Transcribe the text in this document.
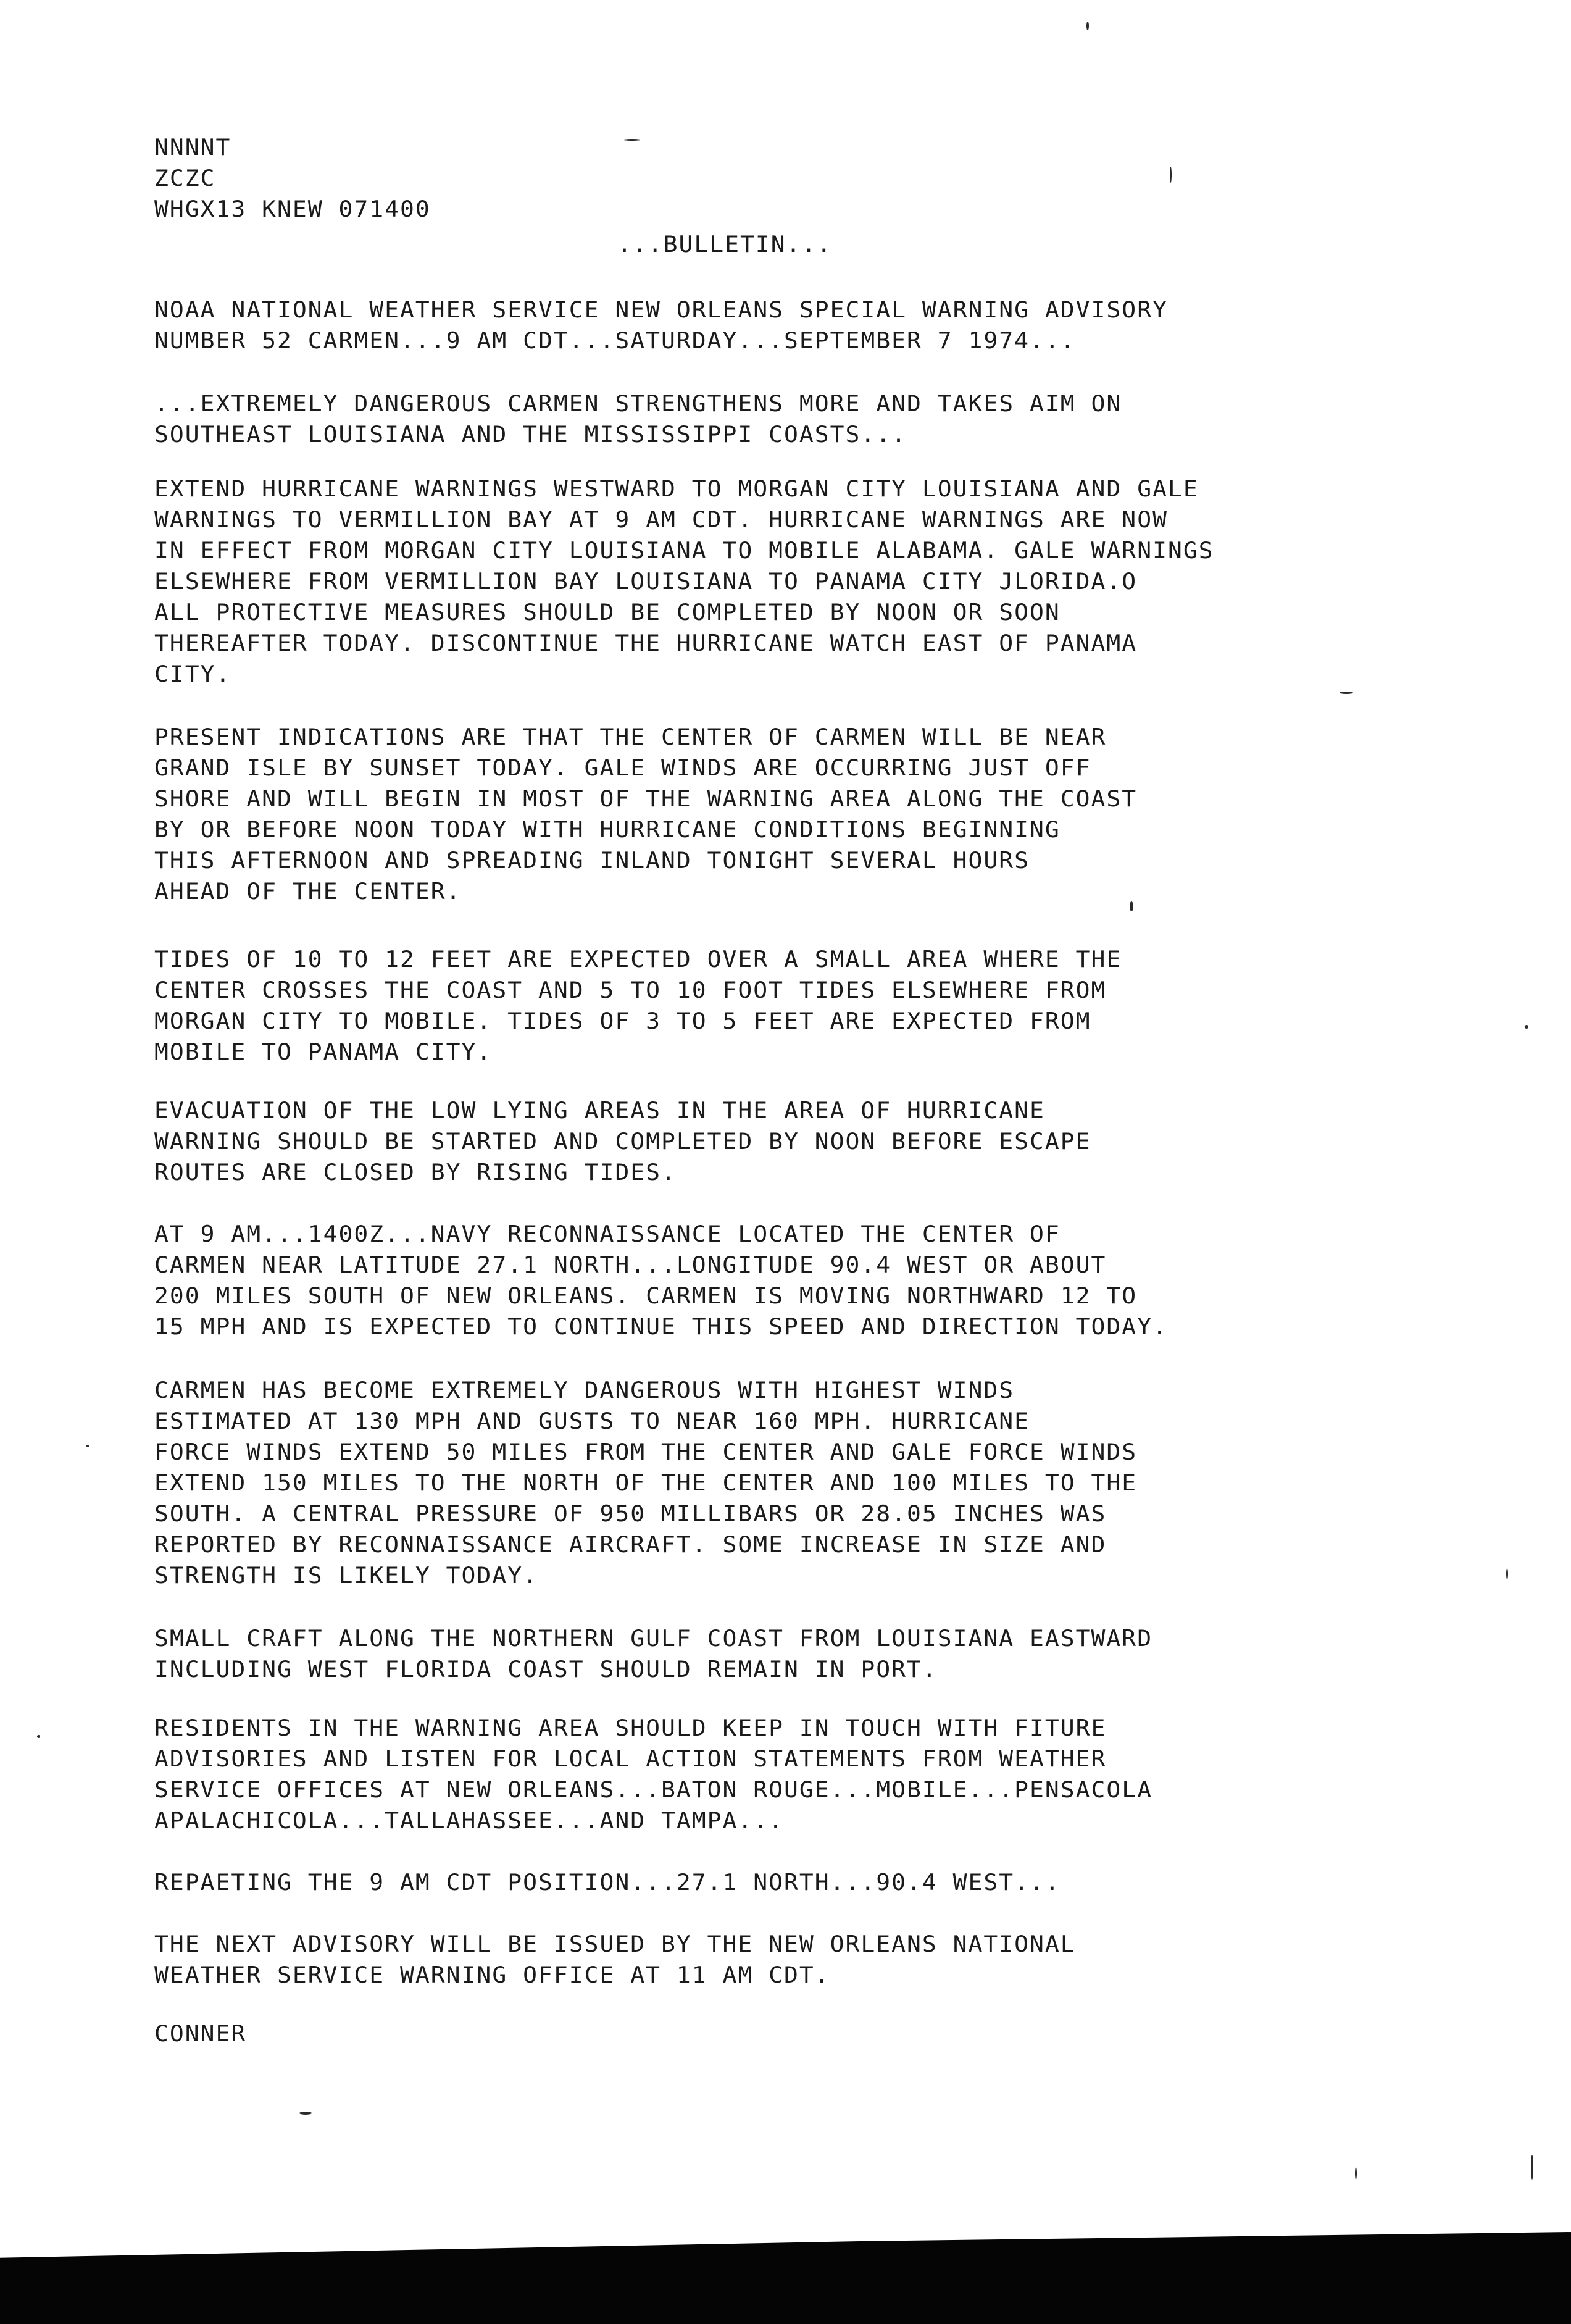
NNNNT
ZCZC
WHGX13 KNEW 071400
...BULLETIN...
NOAA NATIONAL WEATHER SERVICE NEW ORLEANS SPECIAL WARNING ADVISORY
NUMBER 52 CARMEN...9 AM CDT...SATURDAY...SEPTEMBER 7 1974...
...EXTREMELY DANGEROUS CARMEN STRENGTHENS MORE AND TAKES AIM ON
SOUTHEAST LOUISIANA AND THE MISSISSIPPI COASTS...
EXTEND HURRICANE WARNINGS WESTWARD TO MORGAN CITY LOUISIANA AND GALE
WARNINGS TO VERMILLION BAY AT 9 AM CDT. HURRICANE WARNINGS ARE NOW
IN EFFECT FROM MORGAN CITY LOUISIANA TO MOBILE ALABAMA. GALE WARNINGS
ELSEWHERE FROM VERMILLION BAY LOUISIANA TO PANAMA CITY JLORIDA.O
ALL PROTECTIVE MEASURES SHOULD BE COMPLETED BY NOON OR SOON
THEREAFTER TODAY. DISCONTINUE THE HURRICANE WATCH EAST OF PANAMA
CITY.
PRESENT INDICATIONS ARE THAT THE CENTER OF CARMEN WILL BE NEAR
GRAND ISLE BY SUNSET TODAY. GALE WINDS ARE OCCURRING JUST OFF
SHORE AND WILL BEGIN IN MOST OF THE WARNING AREA ALONG THE COAST
BY OR BEFORE NOON TODAY WITH HURRICANE CONDITIONS BEGINNING
THIS AFTERNOON AND SPREADING INLAND TONIGHT SEVERAL HOURS
AHEAD OF THE CENTER.
TIDES OF 10 TO 12 FEET ARE EXPECTED OVER A SMALL AREA WHERE THE
CENTER CROSSES THE COAST AND 5 TO 10 FOOT TIDES ELSEWHERE FROM
MORGAN CITY TO MOBILE. TIDES OF 3 TO 5 FEET ARE EXPECTED FROM
MOBILE TO PANAMA CITY.
EVACUATION OF THE LOW LYING AREAS IN THE AREA OF HURRICANE
WARNING SHOULD BE STARTED AND COMPLETED BY NOON BEFORE ESCAPE
ROUTES ARE CLOSED BY RISING TIDES.
AT 9 AM...1400Z...NAVY RECONNAISSANCE LOCATED THE CENTER OF
CARMEN NEAR LATITUDE 27.1 NORTH...LONGITUDE 90.4 WEST OR ABOUT
200 MILES SOUTH OF NEW ORLEANS. CARMEN IS MOVING NORTHWARD 12 TO
15 MPH AND IS EXPECTED TO CONTINUE THIS SPEED AND DIRECTION TODAY.
CARMEN HAS BECOME EXTREMELY DANGEROUS WITH HIGHEST WINDS
ESTIMATED AT 130 MPH AND GUSTS TO NEAR 160 MPH. HURRICANE
FORCE WINDS EXTEND 50 MILES FROM THE CENTER AND GALE FORCE WINDS
EXTEND 150 MILES TO THE NORTH OF THE CENTER AND 100 MILES TO THE
SOUTH. A CENTRAL PRESSURE OF 950 MILLIBARS OR 28.05 INCHES WAS
REPORTED BY RECONNAISSANCE AIRCRAFT. SOME INCREASE IN SIZE AND
STRENGTH IS LIKELY TODAY.
SMALL CRAFT ALONG THE NORTHERN GULF COAST FROM LOUISIANA EASTWARD
INCLUDING WEST FLORIDA COAST SHOULD REMAIN IN PORT.
RESIDENTS IN THE WARNING AREA SHOULD KEEP IN TOUCH WITH FITURE
ADVISORIES AND LISTEN FOR LOCAL ACTION STATEMENTS FROM WEATHER
SERVICE OFFICES AT NEW ORLEANS...BATON ROUGE...MOBILE...PENSACOLA
APALACHICOLA...TALLAHASSEE...AND TAMPA...
REPAETING THE 9 AM CDT POSITION...27.1 NORTH...90.4 WEST...
THE NEXT ADVISORY WILL BE ISSUED BY THE NEW ORLEANS NATIONAL
WEATHER SERVICE WARNING OFFICE AT 11 AM CDT.
CONNER
